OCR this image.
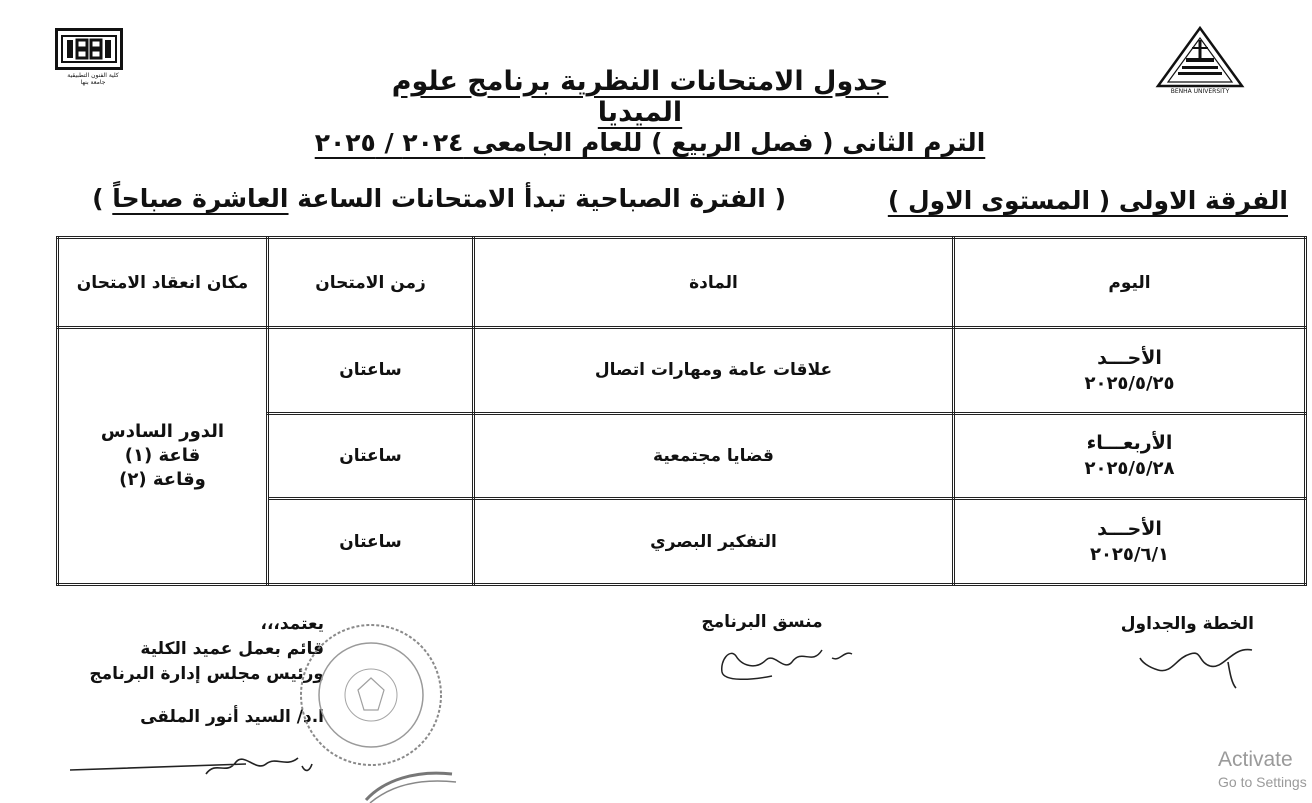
كلية الفنون التطبيقية
جامعة بنها
BENHA UNIVERSITY
جدول الامتحانات النظرية برنامج علوم الميديا
الترم الثانى ( فصل الربيع ) للعام الجامعى ٢٠٢٤ / ٢٠٢٥
الفرقة الاولى ( المستوى الاول )
( الفترة الصباحية تبدأ الامتحانات الساعة العاشرة صباحاً )
اليوم	المادة	زمن الامتحان	مكان انعقاد الامتحان

الأحـــد
٢٠٢٥/٥/٢٥	علاقات عامة ومهارات اتصال	ساعتان	الدور السادس
قاعة (١)
وقاعة (٢)

الأربعـــاء
٢٠٢٥/٥/٢٨	قضايا مجتمعية	ساعتان	

الأحـــد
٢٠٢٥/٦/١	التفكير البصري	ساعتان	
الخطة والجداول
منسق البرنامج
يعتمد،،،
قائم بعمل عميد الكلية
ورئيس مجلس إدارة البرنامج
ا.د/ السيد أنور الملقى
Activate
Go to Settings
